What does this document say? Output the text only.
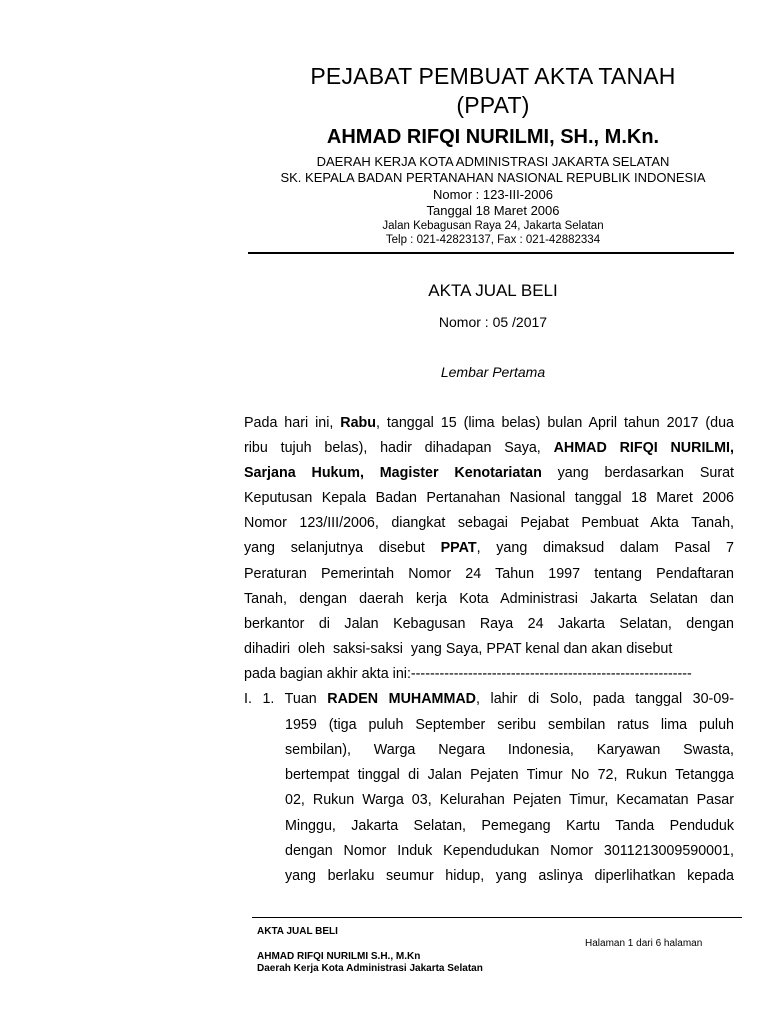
PEJABAT PEMBUAT AKTA TANAH
(PPAT)
AHMAD RIFQI NURILMI, SH., M.Kn.
DAERAH KERJA KOTA ADMINISTRASI JAKARTA SELATAN
SK. KEPALA BADAN PERTANAHAN NASIONAL REPUBLIK INDONESIA
Nomor : 123-III-2006
Tanggal 18 Maret 2006
Jalan Kebagusan Raya 24, Jakarta Selatan
Telp : 021-42823137, Fax : 021-42882334
AKTA JUAL BELI
Nomor : 05 /2017
Lembar Pertama
Pada hari ini, Rabu, tanggal 15 (lima belas) bulan April tahun 2017 (dua
ribu tujuh belas), hadir dihadapan Saya, AHMAD RIFQI NURILMI,
Sarjana Hukum, Magister Kenotariatan yang berdasarkan Surat
Keputusan Kepala Badan Pertanahan Nasional tanggal 18 Maret 2006
Nomor 123/III/2006, diangkat sebagai Pejabat Pembuat Akta Tanah,
yang selanjutnya disebut PPAT, yang dimaksud dalam Pasal 7
Peraturan Pemerintah Nomor 24 Tahun 1997 tentang Pendaftaran
Tanah, dengan daerah kerja Kota Administrasi Jakarta Selatan dan
berkantor di Jalan Kebagusan Raya 24 Jakarta Selatan, dengan
dihadiri  oleh  saksi-saksi  yang Saya, PPAT kenal dan akan disebut
pada bagian akhir akta ini:-----------------------------------------------------------
I. 1. Tuan RADEN MUHAMMAD, lahir di Solo, pada tanggal 30-09-
1959 (tiga puluh September seribu sembilan ratus lima puluh
sembilan), Warga Negara Indonesia, Karyawan Swasta,
bertempat tinggal di Jalan Pejaten Timur No 72, Rukun Tetangga
02, Rukun Warga 03, Kelurahan Pejaten Timur, Kecamatan Pasar
Minggu, Jakarta Selatan, Pemegang Kartu Tanda Penduduk
dengan Nomor Induk Kependudukan Nomor 3011213009590001,
yang berlaku seumur hidup, yang aslinya diperlihatkan kepada
AKTA JUAL BELI
Halaman 1 dari 6 halaman
AHMAD RIFQI NURILMI S.H., M.Kn
Daerah Kerja Kota Administrasi Jakarta Selatan
